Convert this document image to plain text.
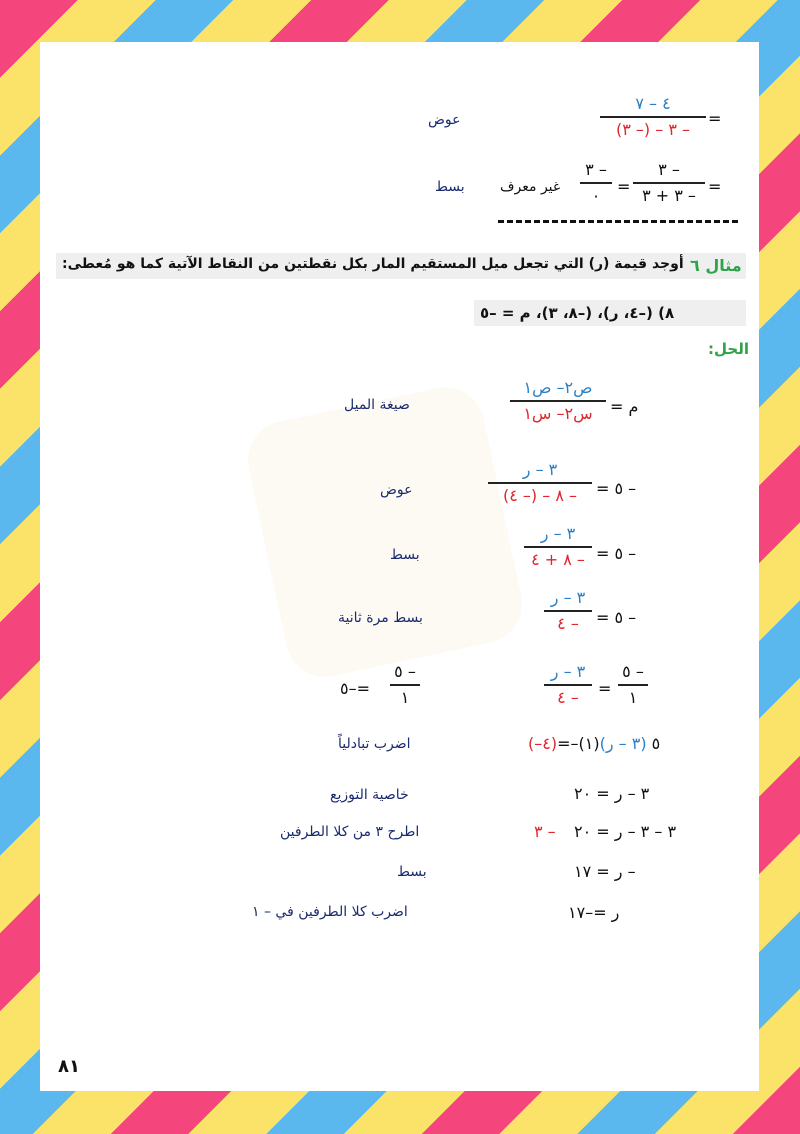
=
٤ – ٧
– ٣ – (– ٣)
عوض
=
– ٣
– ٣ + ٣
=
– ٣
٠
غير معرف
بسط
مثال ٦
أوجد قيمة (ر) التي تجعل ميل المستقيم المار بكل نقطتين من النقاط الآتية كما هو مُعطى:
٨) (–٤، ر)، (–٨، ٣)، م = –٥
الحل:
م =
ص٢– ص١
س٢– س١
صيغة الميل
– ٥ =
٣ – ر
– ٨ – (– ٤)
عوض
– ٥ =
٣ – ر
– ٨ + ٤
بسط
– ٥ =
٣ – ر
– ٤
بسط مرة ثانية
– ٥
١
=
٣ – ر
– ٤
– ٥
١
=–٥
(–٤)=–٥ (٣ – ر)(١)
اضرب تبادلياً
٣ – ر = ٢٠
خاصية التوزيع
– ٣ ٣ – ٣ – ر = ٢٠
اطرح ٣ من كلا الطرفين
– ر = ١٧
بسط
ر =–١٧
اضرب كلا الطرفين في – ١
٨١
